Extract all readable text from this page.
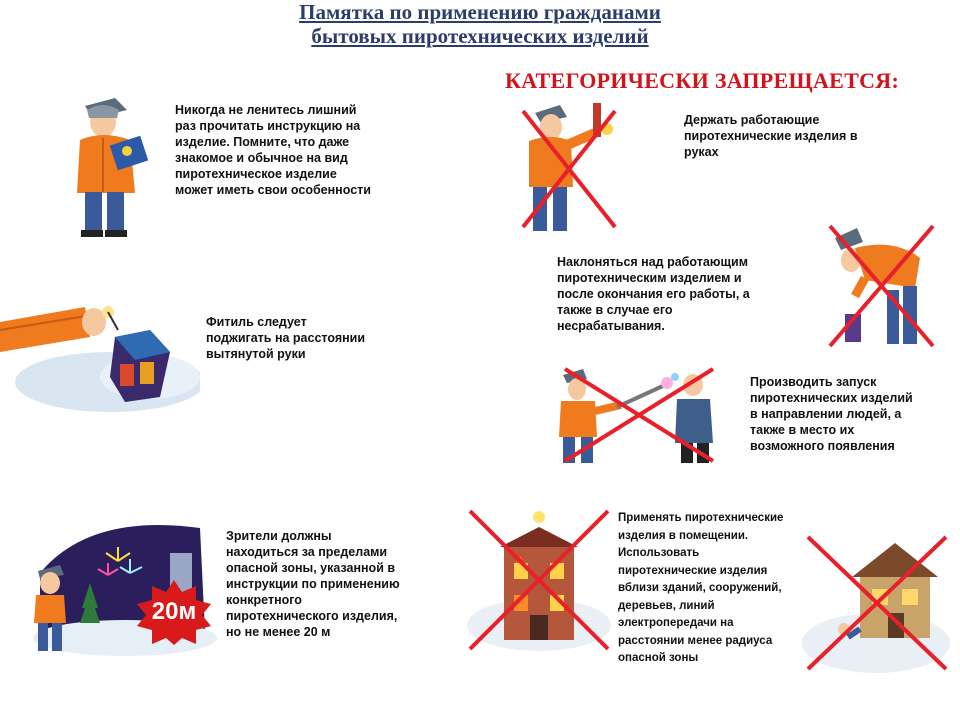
Памятка по применению гражданами
бытовых пиротехнических изделий
КАТЕГОРИЧЕСКИ ЗАПРЕЩАЕТСЯ:
Никогда не ленитесь лишний
раз прочитать инструкцию на
изделие. Помните, что даже
знакомое и обычное на вид
пиротехническое изделие
может иметь свои особенности
Фитиль следует
поджигать на расстоянии
вытянутой руки
20м
Зрители должны
находиться за пределами
опасной зоны, указанной в
инструкции по применению
конкретного
пиротехнического изделия,
но не менее 20 м
Держать работающие
пиротехнические изделия в
руках
Наклоняться над работающим
пиротехническим изделием и
после окончания его работы, а
также в случае его
несрабатывания.
Производить запуск
пиротехнических изделий
в направлении людей, а
также в место их
возможного появления
Применять пиротехнические
изделия в помещении.
Использовать
пиротехнические изделия
вблизи зданий, сооружений,
деревьев, линий
электропередачи на
расстоянии менее радиуса
опасной зоны
